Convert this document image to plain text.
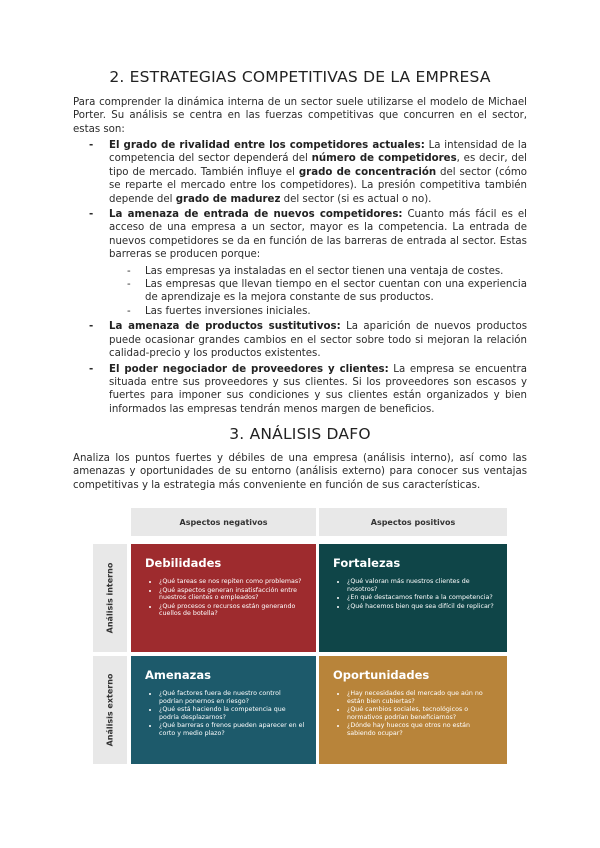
2. ESTRATEGIAS COMPETITIVAS DE LA EMPRESA

Para comprender la dinámica interna de un sector suele utilizarse el modelo de Michael Porter. Su análisis se centra en las fuerzas competitivas que concurren en el sector, estas son:

- El grado de rivalidad entre los competidores actuales: La intensidad de la competencia del sector dependerá del número de competidores, es decir, del tipo de mercado. También influye el grado de concentración del sector (cómo se reparte el mercado entre los competidores). La presión competitiva también depende del grado de madurez del sector (si es actual o no).
- La amenaza de entrada de nuevos competidores: Cuanto más fácil es el acceso de una empresa a un sector, mayor es la competencia. La entrada de nuevos competidores se da en función de las barreras de entrada al sector. Estas barreras se producen porque:
- Las empresas ya instaladas en el sector tienen una ventaja de costes.
- Las empresas que llevan tiempo en el sector cuentan con una experiencia de aprendizaje es la mejora constante de sus productos.
- Las fuertes inversiones iniciales.
- La amenaza de productos sustitutivos: La aparición de nuevos productos puede ocasionar grandes cambios en el sector sobre todo si mejoran la relación calidad-precio y los productos existentes.
- El poder negociador de proveedores y clientes: La empresa se encuentra situada entre sus proveedores y sus clientes. Si los proveedores son escasos y fuertes para imponer sus condiciones y sus clientes están organizados y bien informados las empresas tendrán menos margen de beneficios.
3. ANÁLISIS DAFO

Analiza los puntos fuertes y débiles de una empresa (análisis interno), así como las amenazas y oportunidades de su entorno (análisis externo) para conocer sus ventajas competitivas y la estrategia más conveniente en función de sus características.

Aspectos negativos	Aspectos positivos
Análisis interno
Análisis externo
Debilidades
• ¿Qué tareas se nos repiten como problemas?
• ¿Qué aspectos generan insatisfacción entre nuestros clientes o empleados?
• ¿Qué procesos o recursos están generando cuellos de botella?
Fortalezas
• ¿Qué valoran más nuestros clientes de nosotros?
• ¿En qué destacamos frente a la competencia?
• ¿Qué hacemos bien que sea difícil de replicar?
Amenazas
• ¿Qué factores fuera de nuestro control podrían ponernos en riesgo?
• ¿Qué está haciendo la competencia que podría desplazarnos?
• ¿Qué barreras o frenos pueden aparecer en el corto y medio plazo?
Oportunidades
• ¿Hay necesidades del mercado que aún no están bien cubiertas?
• ¿Qué cambios sociales, tecnológicos o normativos podrían beneficiarnos?
• ¿Dónde hay huecos que otros no están sabiendo ocupar?
